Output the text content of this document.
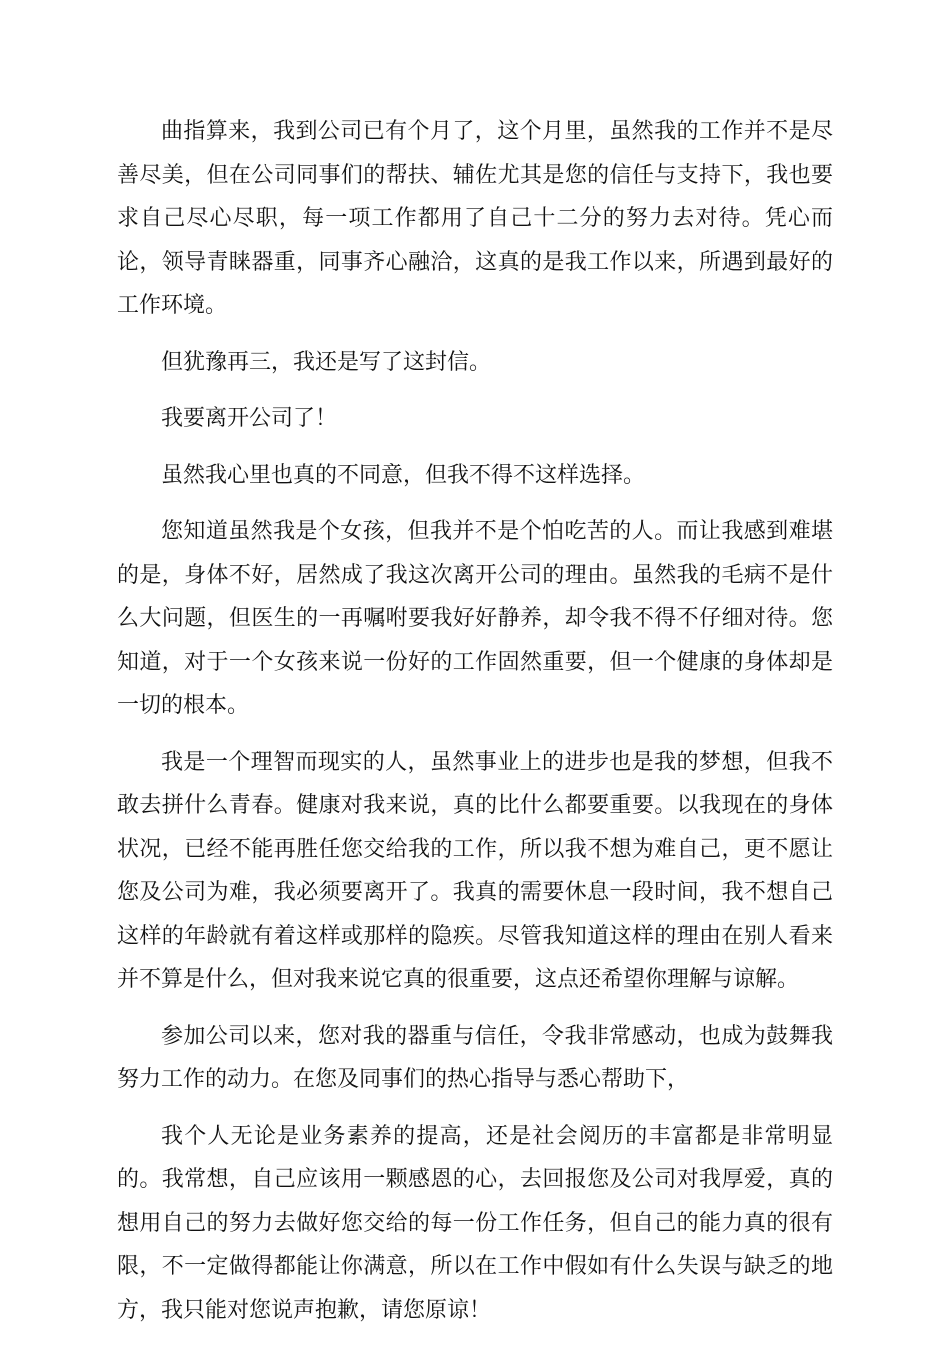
曲指算来，我到公司已有个月了，这个月里，虽然我的工作并不是尽善尽美，但在公司同事们的帮扶、辅佐尤其是您的信任与支持下，我也要求自己尽心尽职，每一项工作都用了自己十二分的努力去对待。凭心而论，领导青睐器重，同事齐心融洽，这真的是我工作以来，所遇到最好的工作环境。

但犹豫再三，我还是写了这封信。

我要离开公司了！

虽然我心里也真的不同意，但我不得不这样选择。

您知道虽然我是个女孩，但我并不是个怕吃苦的人。而让我感到难堪的是，身体不好，居然成了我这次离开公司的理由。虽然我的毛病不是什么大问题，但医生的一再嘱咐要我好好静养，却令我不得不仔细对待。您知道，对于一个女孩来说一份好的工作固然重要，但一个健康的身体却是一切的根本。

我是一个理智而现实的人，虽然事业上的进步也是我的梦想，但我不敢去拼什么青春。健康对我来说，真的比什么都要重要。以我现在的身体状况，已经不能再胜任您交给我的工作，所以我不想为难自己，更不愿让您及公司为难，我必须要离开了。我真的需要休息一段时间，我不想自己这样的年龄就有着这样或那样的隐疾。尽管我知道这样的理由在别人看来并不算是什么，但对我来说它真的很重要，这点还希望你理解与谅解。

参加公司以来，您对我的器重与信任，令我非常感动，也成为鼓舞我努力工作的动力。在您及同事们的热心指导与悉心帮助下，

我个人无论是业务素养的提高，还是社会阅历的丰富都是非常明显的。我常想，自己应该用一颗感恩的心，去回报您及公司对我厚爱，真的想用自己的努力去做好您交给的每一份工作任务，但自己的能力真的很有限，不一定做得都能让你满意，所以在工作中假如有什么失误与缺乏的地方，我只能对您说声抱歉，请您原谅！
